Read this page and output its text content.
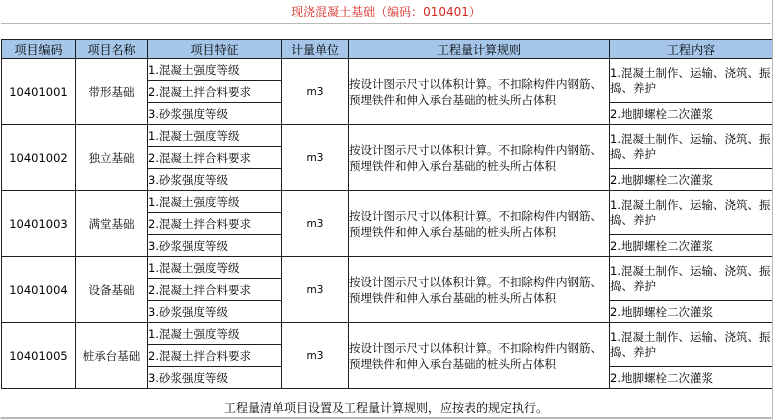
现浇混凝土基础（编码：010401）
项目编码	项目名称	项目特征	计量单位	工程量计算规则	工程内容
10401001	带形基础	1.混凝土强度等级	m3	按设计图示尺寸以体积计算。不扣除构件内钢筋、预埋铁件和伸入承台基础的桩头所占体积	1.混凝土制作、运输、浇筑、振捣、养护
		2.混凝土拌合料要求			
		3.砂浆强度等级			2.地脚螺栓二次灌浆
10401002	独立基础	1.混凝土强度等级	m3	按设计图示尺寸以体积计算。不扣除构件内钢筋、预埋铁件和伸入承台基础的桩头所占体积	1.混凝土制作、运输、浇筑、振捣、养护
		2.混凝土拌合料要求			
		3.砂浆强度等级			2.地脚螺栓二次灌浆
10401003	满堂基础	1.混凝土强度等级	m3	按设计图示尺寸以体积计算。不扣除构件内钢筋、预埋铁件和伸入承台基础的桩头所占体积	1.混凝土制作、运输、浇筑、振捣、养护
		2.混凝土拌合料要求			
		3.砂浆强度等级			2.地脚螺栓二次灌浆
10401004	设备基础	1.混凝土强度等级	m3	按设计图示尺寸以体积计算。不扣除构件内钢筋、预埋铁件和伸入承台基础的桩头所占体积	1.混凝土制作、运输、浇筑、振捣、养护
		2.混凝土拌合料要求			
		3.砂浆强度等级			2.地脚螺栓二次灌浆
10401005	桩承台基础	1.混凝土强度等级	m3	按设计图示尺寸以体积计算。不扣除构件内钢筋、预埋铁件和伸入承台基础的桩头所占体积	1.混凝土制作、运输、浇筑、振捣、养护
		2.混凝土拌合料要求			
		3.砂浆强度等级			2.地脚螺栓二次灌浆
工程量清单项目设置及工程量计算规则，应按表的规定执行。
